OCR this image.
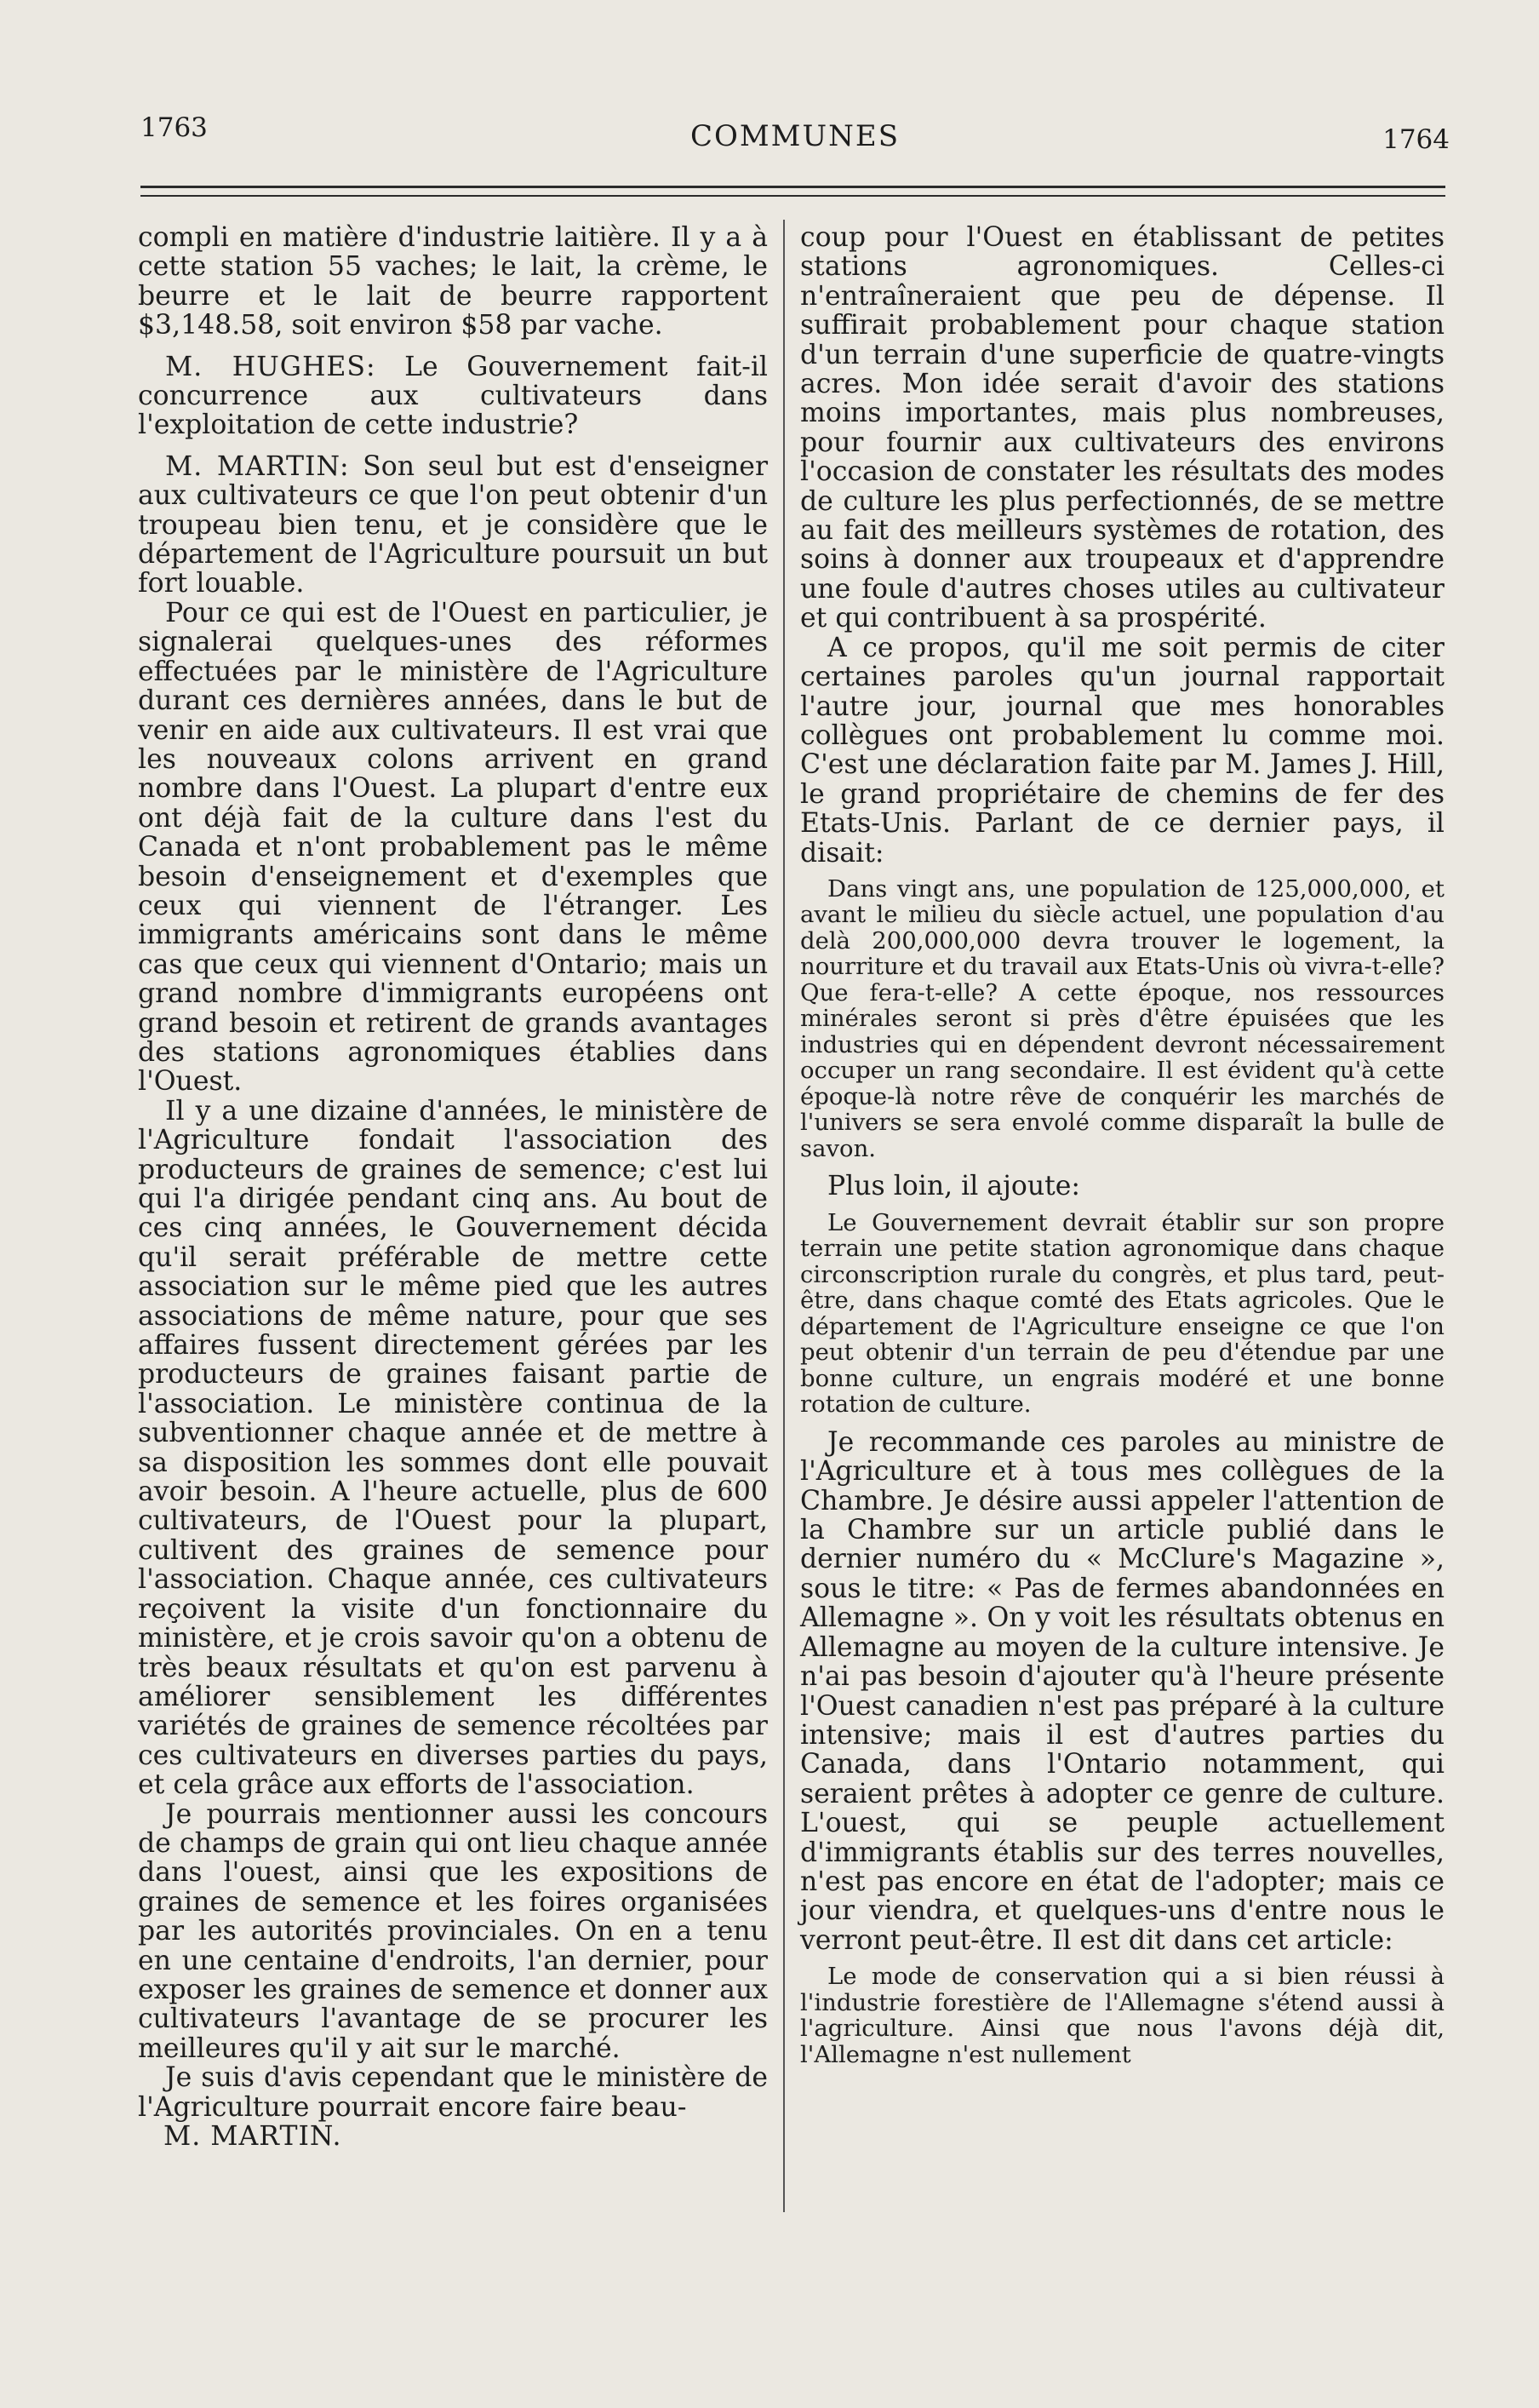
1763	COMMUNES	1764

compli en matière d'industrie laitière. Il y a à cette station 55 vaches; le lait, la crème, le beurre et le lait de beurre rapportent $3,148.58, soit environ $58 par vache.

M. HUGHES: Le Gouvernement fait-il concurrence aux cultivateurs dans l'exploitation de cette industrie?

M. MARTIN: Son seul but est d'enseigner aux cultivateurs ce que l'on peut obtenir d'un troupeau bien tenu, et je considère que le département de l'Agriculture poursuit un but fort louable.

Pour ce qui est de l'Ouest en particulier, je signalerai quelques-unes des réformes effectuées par le ministère de l'Agriculture durant ces dernières années, dans le but de venir en aide aux cultivateurs. Il est vrai que les nouveaux colons arrivent en grand nombre dans l'Ouest. La plupart d'entre eux ont déjà fait de la culture dans l'est du Canada et n'ont probablement pas le même besoin d'enseignement et d'exemples que ceux qui viennent de l'étranger. Les immigrants américains sont dans le même cas que ceux qui viennent d'Ontario; mais un grand nombre d'immigrants européens ont grand besoin et retirent de grands avantages des stations agronomiques établies dans l'Ouest.

Il y a une dizaine d'années, le ministère de l'Agriculture fondait l'association des producteurs de graines de semence; c'est lui qui l'a dirigée pendant cinq ans. Au bout de ces cinq années, le Gouvernement décida qu'il serait préférable de mettre cette association sur le même pied que les autres associations de même nature, pour que ses affaires fussent directement gérées par les producteurs de graines faisant partie de l'association. Le ministère continua de la subventionner chaque année et de mettre à sa disposition les sommes dont elle pouvait avoir besoin. A l'heure actuelle, plus de 600 cultivateurs, de l'Ouest pour la plupart, cultivent des graines de semence pour l'association. Chaque année, ces cultivateurs reçoivent la visite d'un fonctionnaire du ministère, et je crois savoir qu'on a obtenu de très beaux résultats et qu'on est parvenu à améliorer sensiblement les différentes variétés de graines de semence récoltées par ces cultivateurs en diverses parties du pays, et cela grâce aux efforts de l'association.

Je pourrais mentionner aussi les concours de champs de grain qui ont lieu chaque année dans l'ouest, ainsi que les expositions de graines de semence et les foires organisées par les autorités provinciales. On en a tenu en une centaine d'endroits, l'an dernier, pour exposer les graines de semence et donner aux cultivateurs l'avantage de se procurer les meilleures qu'il y ait sur le marché.

Je suis d'avis cependant que le ministère de l'Agriculture pourrait encore faire beau-

M. MARTIN.

coup pour l'Ouest en établissant de petites stations agronomiques. Celles-ci n'entraîneraient que peu de dépense. Il suffirait probablement pour chaque station d'un terrain d'une superficie de quatre-vingts acres. Mon idée serait d'avoir des stations moins importantes, mais plus nombreuses, pour fournir aux cultivateurs des environs l'occasion de constater les résultats des modes de culture les plus perfectionnés, de se mettre au fait des meilleurs systèmes de rotation, des soins à donner aux troupeaux et d'apprendre une foule d'autres choses utiles au cultivateur et qui contribuent à sa prospérité.

A ce propos, qu'il me soit permis de citer certaines paroles qu'un journal rapportait l'autre jour, journal que mes honorables collègues ont probablement lu comme moi. C'est une déclaration faite par M. James J. Hill, le grand propriétaire de chemins de fer des Etats-Unis. Parlant de ce dernier pays, il disait:

Dans vingt ans, une population de 125,000,000, et avant le milieu du siècle actuel, une population d'au delà 200,000,000 devra trouver le logement, la nourriture et du travail aux Etats-Unis où vivra-t-elle? Que fera-t-elle? A cette époque, nos ressources minérales seront si près d'être épuisées que les industries qui en dépendent devront nécessairement occuper un rang secondaire. Il est évident qu'à cette époque-là notre rêve de conquérir les marchés de l'univers se sera envolé comme disparaît la bulle de savon.

Plus loin, il ajoute:

Le Gouvernement devrait établir sur son propre terrain une petite station agronomique dans chaque circonscription rurale du congrès, et plus tard, peut-être, dans chaque comté des Etats agricoles. Que le département de l'Agriculture enseigne ce que l'on peut obtenir d'un terrain de peu d'étendue par une bonne culture, un engrais modéré et une bonne rotation de culture.

Je recommande ces paroles au ministre de l'Agriculture et à tous mes collègues de la Chambre. Je désire aussi appeler l'attention de la Chambre sur un article publié dans le dernier numéro du « McClure's Magazine », sous le titre: « Pas de fermes abandonnées en Allemagne ». On y voit les résultats obtenus en Allemagne au moyen de la culture intensive. Je n'ai pas besoin d'ajouter qu'à l'heure présente l'Ouest canadien n'est pas préparé à la culture intensive; mais il est d'autres parties du Canada, dans l'Ontario notamment, qui seraient prêtes à adopter ce genre de culture. L'ouest, qui se peuple actuellement d'immigrants établis sur des terres nouvelles, n'est pas encore en état de l'adopter; mais ce jour viendra, et quelques-uns d'entre nous le verront peut-être. Il est dit dans cet article:

Le mode de conservation qui a si bien réussi à l'industrie forestière de l'Allemagne s'étend aussi à l'agriculture. Ainsi que nous l'avons déjà dit, l'Allemagne n'est nullement
